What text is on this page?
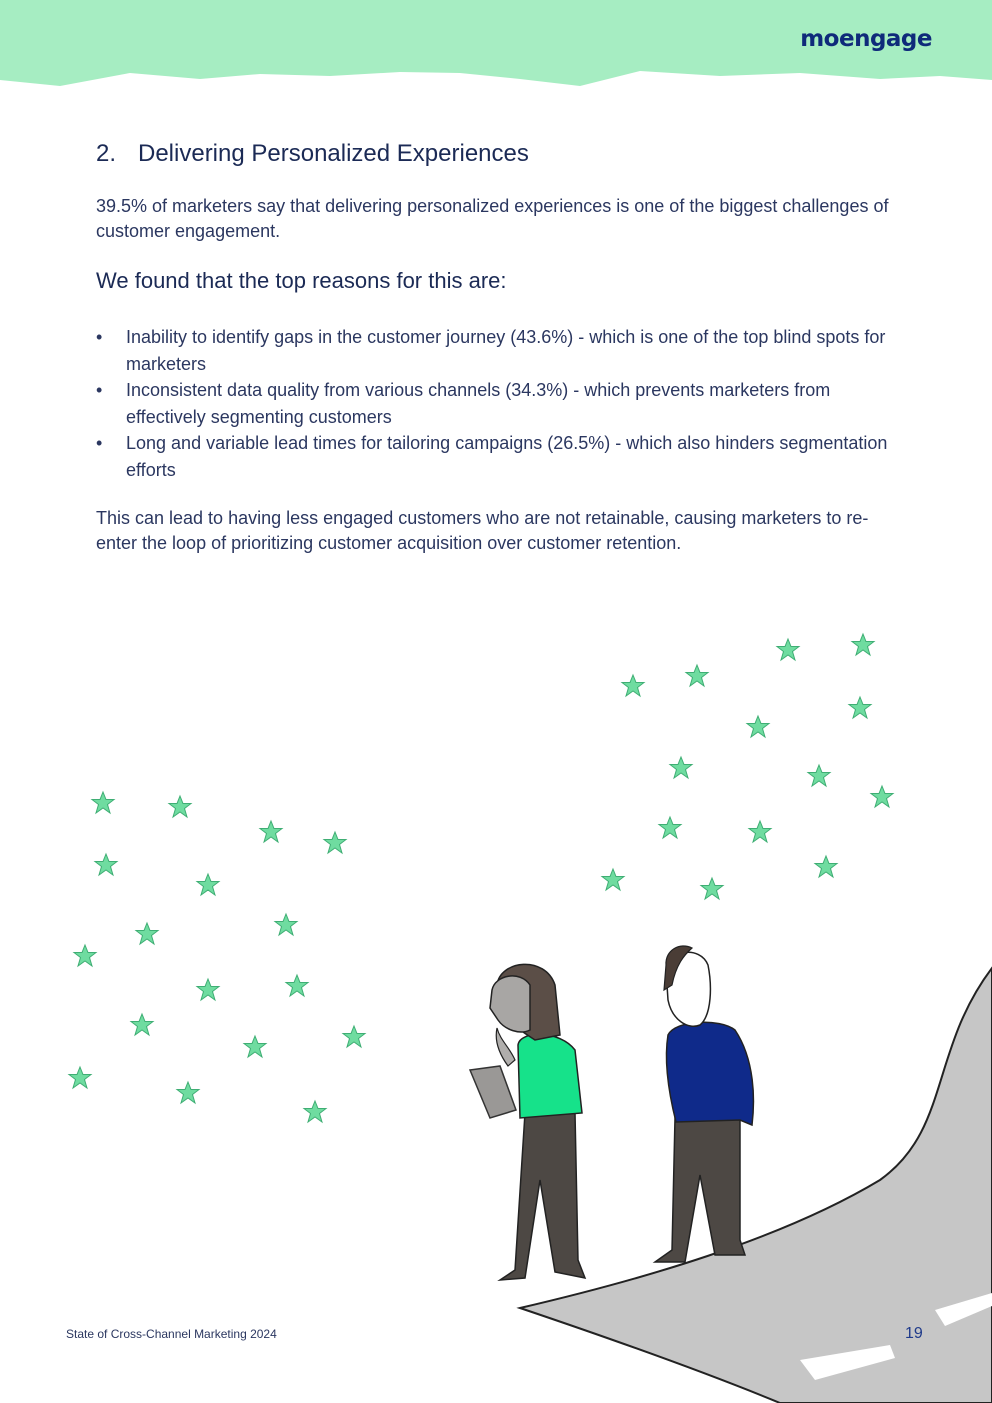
moengage
2. Delivering Personalized Experiences

39.5% of marketers say that delivering personalized experiences is one of the biggest challenges of customer engagement.

We found that the top reasons for this are:
• Inability to identify gaps in the customer journey (43.6%) - which is one of the top blind spots for marketers
• Inconsistent data quality from various channels (34.3%) - which prevents marketers from effectively segmenting customers
• Long and variable lead times for tailoring campaigns (26.5%) - which also hinders segmentation efforts

This can lead to having less engaged customers who are not retainable, causing marketers to re-enter the loop of prioritizing customer acquisition over customer retention.

State of Cross-Channel Marketing 2024	19
